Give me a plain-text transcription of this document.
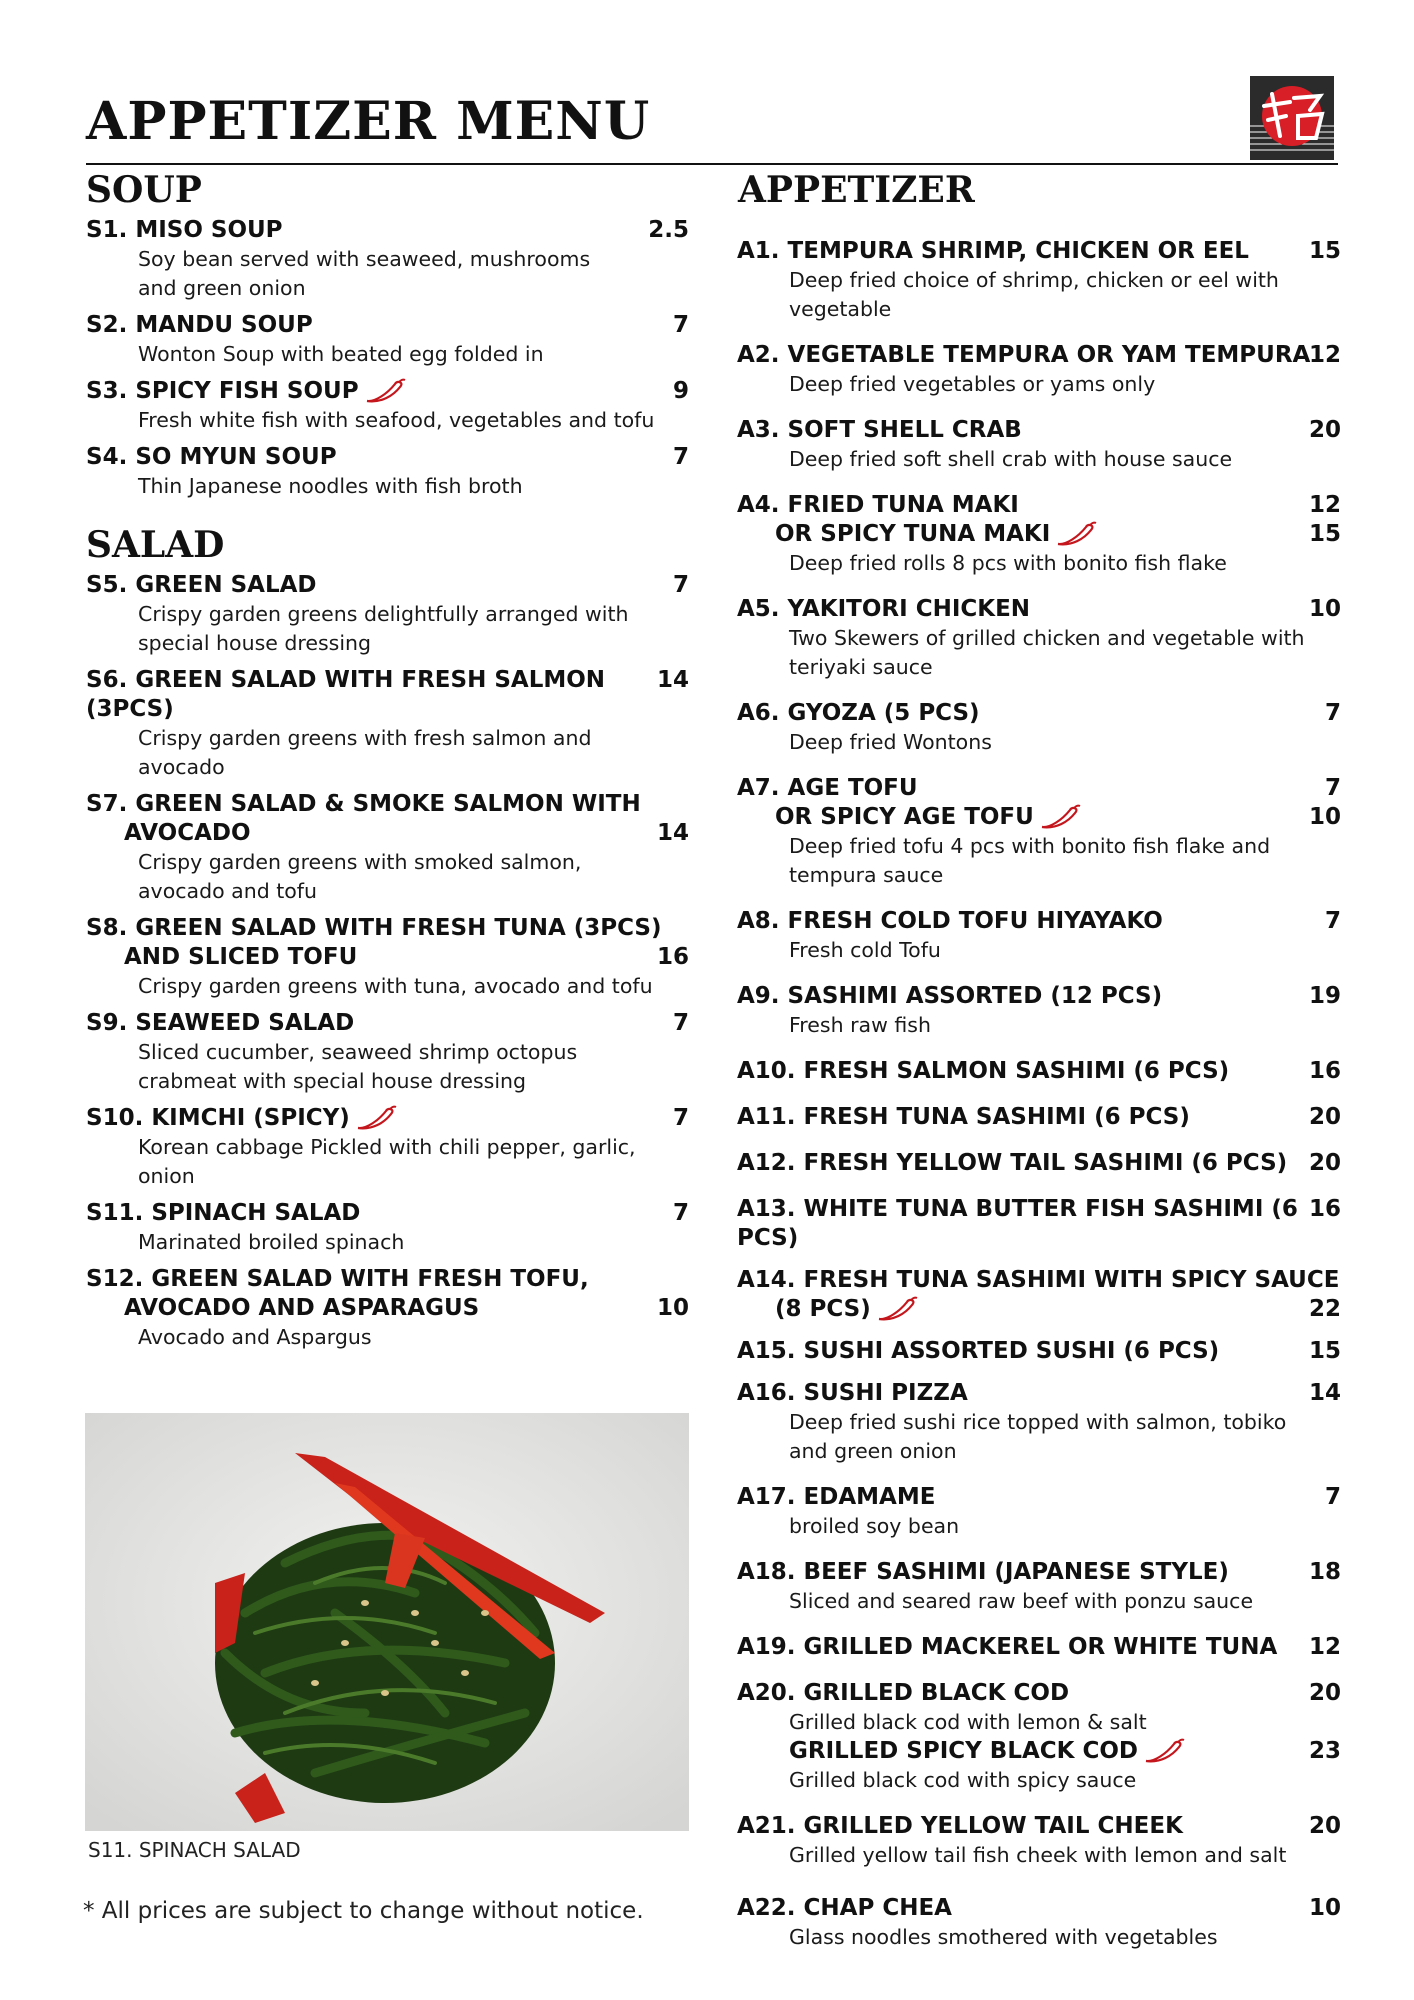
APPETIZER MENU
SOUP
S1. MISO SOUP	2.5
Soy bean served with seaweed, mushrooms
and green onion
S2. MANDU SOUP	7
Wonton Soup with beated egg folded in
S3. SPICY FISH SOUP	9
Fresh white fish with seafood, vegetables and tofu
S4. SO MYUN SOUP	7
Thin Japanese noodles with fish broth
SALAD
S5. GREEN SALAD	7
Crispy garden greens delightfully arranged with
special house dressing
S6. GREEN SALAD WITH FRESH SALMON (3PCS)
14
Crispy garden greens with fresh salmon and
avocado
S7. GREEN SALAD & SMOKE SALMON WITH
AVOCADO	14
Crispy garden greens with smoked salmon,
avocado and tofu
S8. GREEN SALAD WITH FRESH TUNA (3PCS)
AND SLICED TOFU	16
Crispy garden greens with tuna, avocado and tofu
S9. SEAWEED SALAD	7
Sliced cucumber, seaweed shrimp octopus
crabmeat with special house dressing
S10. KIMCHI (SPICY)	7
Korean cabbage Pickled with chili pepper, garlic,
onion
S11. SPINACH SALAD	7
Marinated broiled spinach
S12. GREEN SALAD WITH FRESH TOFU,
AVOCADO AND ASPARAGUS	10
Avocado and Aspargus
S11. SPINACH SALAD
* All prices are subject to change without notice.
APPETIZER
A1. TEMPURA SHRIMP, CHICKEN OR EEL	15
Deep fried choice of shrimp, chicken or eel with
vegetable
A2. VEGETABLE TEMPURA OR YAM TEMPURA
12
Deep fried vegetables or yams only
A3. SOFT SHELL CRAB	20
Deep fried soft shell crab with house sauce
A4. FRIED TUNA MAKI	12
OR SPICY TUNA MAKI	15
Deep fried rolls 8 pcs with bonito fish flake
A5. YAKITORI CHICKEN	10
Two Skewers of grilled chicken and vegetable with
teriyaki sauce
A6. GYOZA (5 PCS)	7
Deep fried Wontons
A7. AGE TOFU	7
OR SPICY AGE TOFU	10
Deep fried tofu 4 pcs with bonito fish flake and
tempura sauce
A8. FRESH COLD TOFU HIYAYAKO	7
Fresh cold Tofu
A9. SASHIMI ASSORTED (12 PCS)	19
Fresh raw fish
A10. FRESH SALMON SASHIMI (6 PCS)	16
A11. FRESH TUNA SASHIMI (6 PCS)	20
A12. FRESH YELLOW TAIL SASHIMI (6 PCS) 20
A13. WHITE TUNA BUTTER FISH SASHIMI (6 PCS)
16
A14. FRESH TUNA SASHIMI WITH SPICY SAUCE
(8 PCS)	22
A15. SUSHI ASSORTED SUSHI (6 PCS)	15
A16. SUSHI PIZZA	14
Deep fried sushi rice topped with salmon, tobiko
and green onion
A17. EDAMAME	7
broiled soy bean
A18. BEEF SASHIMI (JAPANESE STYLE)	18
Sliced and seared raw beef with ponzu sauce
A19. GRILLED MACKEREL OR WHITE TUNA 12
A20. GRILLED BLACK COD	20
Grilled black cod with lemon & salt
GRILLED SPICY BLACK COD	23
Grilled black cod with spicy sauce
A21. GRILLED YELLOW TAIL CHEEK	20
Grilled yellow tail fish cheek with lemon and salt
A22. CHAP CHEA	10
Glass noodles smothered with vegetables
